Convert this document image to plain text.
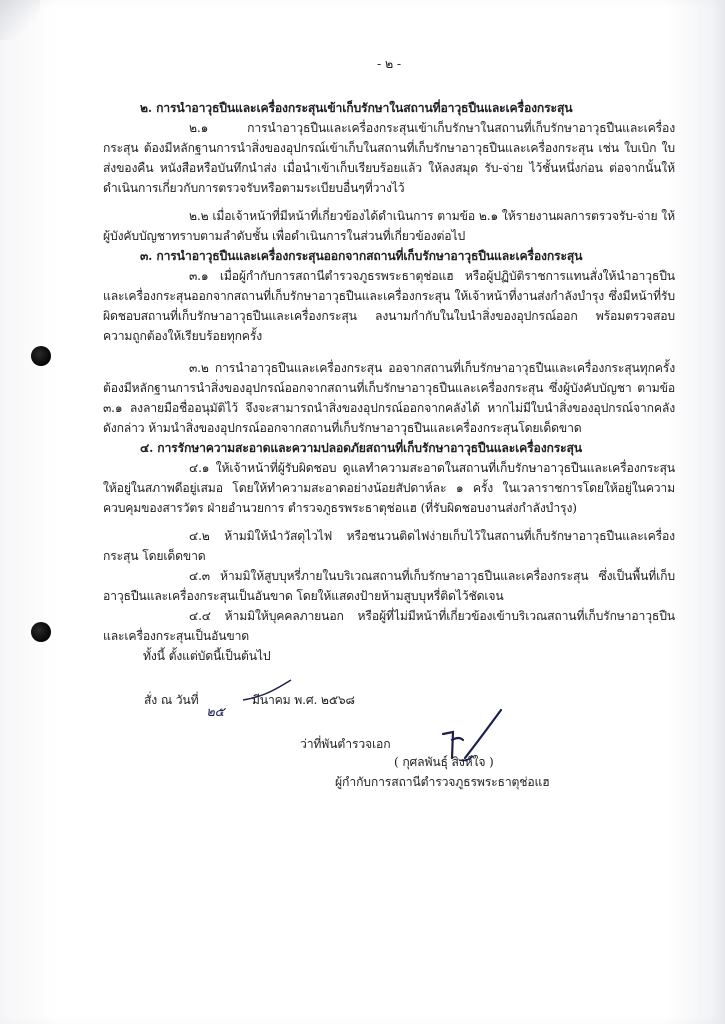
- ๒ -
๒. การนำอาวุธปืนและเครื่องกระสุนเข้าเก็บรักษาในสถานที่อาวุธปืนและเครื่องกระสุน
๒.๑ การนำอาวุธปืนและเครื่องกระสุนเข้าเก็บรักษาในสถานที่เก็บรักษาอาวุธปืนและเครื่องกระสุน ต้องมีหลักฐานการนำสิ่งของอุปกรณ์เข้าเก็บในสถานที่เก็บรักษาอาวุธปืนและเครื่องกระสุน เช่น ใบเบิก ใบส่งของคืน หนังสือหรือบันทึกนำส่ง เมื่อนำเข้าเก็บเรียบร้อยแล้ว ให้ลงสมุด รับ-จ่าย ไว้ชั้นหนึ่งก่อน ต่อจากนั้นให้ดำเนินการเกี่ยวกับการตรวจรับหรือตามระเบียบอื่นๆที่วางไว้
๒.๒ เมื่อเจ้าหน้าที่มีหน้าที่เกี่ยวข้องได้ดำเนินการ ตามข้อ ๒.๑ ให้รายงานผลการตรวจรับ-จ่าย ให้ผู้บังคับบัญชาทราบตามลำดับชั้น เพื่อดำเนินการในส่วนที่เกี่ยวข้องต่อไป
๓. การนำอาวุธปืนและเครื่องกระสุนออกจากสถานที่เก็บรักษาอาวุธปืนและเครื่องกระสุน
๓.๑ เมื่อผู้กำกับการสถานีตำรวจภูธรพระธาตุช่อแฮ หรือผู้ปฏิบัติราชการแทนสั่งให้นำอาวุธปืนและเครื่องกระสุนออกจากสถานที่เก็บรักษาอาวุธปืนและเครื่องกระสุน ให้เจ้าหน้าที่งานส่งกำลังบำรุง ซึ่งมีหน้าที่รับผิดชอบสถานที่เก็บรักษาอาวุธปืนและเครื่องกระสุน ลงนามกำกับในใบนำสิ่งของอุปกรณ์ออก พร้อมตรวจสอบความถูกต้องให้เรียบร้อยทุกครั้ง
๓.๒ การนำอาวุธปืนและเครื่องกระสุน ออจากสถานที่เก็บรักษาอาวุธปืนและเครื่องกระสุนทุกครั้งต้องมีหลักฐานการนำสิ่งของอุปกรณ์ออกจากสถานที่เก็บรักษาอาวุธปืนและเครื่องกระสุน ซึ่งผู้บังคับบัญชา ตามข้อ ๓.๑ ลงลายมือชื่ออนุมัติไว้ จึงจะสามารถนำสิ่งของอุปกรณ์ออกจากคลังได้ หากไม่มีใบนำสิ่งของอุปกรณ์จากคลังดังกล่าว ห้ามนำสิ่งของอุปกรณ์ออกจากสถานที่เก็บรักษาอาวุธปืนและเครื่องกระสุนโดยเด็ดขาด
๔. การรักษาความสะอาดและความปลอดภัยสถานที่เก็บรักษาอาวุธปืนและเครื่องกระสุน
๔.๑ ให้เจ้าหน้าที่ผู้รับผิดชอบ ดูแลทำความสะอาดในสถานที่เก็บรักษาอาวุธปืนและเครื่องกระสุน ให้อยู่ในสภาพดีอยู่เสมอ โดยให้ทำความสะอาดอย่างน้อยสัปดาห์ละ ๑ ครั้ง ในเวลาราชการโดยให้อยู่ในความควบคุมของสารวัตร ฝ่ายอำนวยการ ตำรวจภูธรพระธาตุช่อแฮ (ที่รับผิดชอบงานส่งกำลังบำรุง)
๔.๒ ห้ามมิให้นำวัสดุไวไฟ หรือชนวนติดไฟง่ายเก็บไว้ในสถานที่เก็บรักษาอาวุธปืนและเครื่องกระสุน โดยเด็ดขาด
๔.๓ ห้ามมิให้สูบบุหรี่ภายในบริเวณสถานที่เก็บรักษาอาวุธปืนและเครื่องกระสุน ซึ่งเป็นพื้นที่เก็บอาวุธปืนและเครื่องกระสุนเป็นอันขาด โดยให้แสดงป้ายห้ามสูบบุหรี่ติดไว้ชัดเจน
๔.๔ ห้ามมิให้บุคคลภายนอก หรือผู้ที่ไม่มีหน้าที่เกี่ยวข้องเข้าบริเวณสถานที่เก็บรักษาอาวุธปืนและเครื่องกระสุนเป็นอันขาด
ทั้งนี้ ตั้งแต่บัดนี้เป็นต้นไป
สั่ง ณ วันที่
๒๕
มีนาคม พ.ศ. ๒๕๖๘
ว่าที่พันตำรวจเอก
( กุศลพันธุ์ สิงห์ใจ )
ผู้กำกับการสถานีตำรวจภูธรพระธาตุช่อแฮ
